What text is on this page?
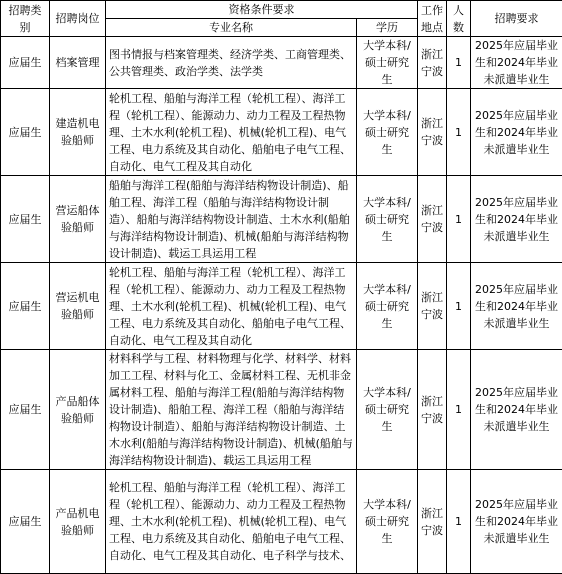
招聘类别	招聘岗位	资格条件要求		工作地点	人数	招聘要求
		专业名称	学历			
应届生	档案管理	图书情报与档案管理类、经济学类、工商管理类、公共管理类、政治学类、法学类	大学本科/硕士研究生	浙江宁波	1	2025年应届毕业生和2024年毕业未派遣毕业生
应届生	建造机电验船师	轮机工程、船舶与海洋工程（轮机工程）、海洋工程（轮机工程）、能源动力、动力工程及工程热物理、土木水利(轮机工程)、机械(轮机工程)、电气工程、电力系统及其自动化、船舶电子电气工程、自动化、电气工程及其自动化	大学本科/硕士研究生	浙江宁波	1	2025年应届毕业生和2024年毕业未派遣毕业生
应届生	营运船体验船师	船舶与海洋工程(船舶与海洋结构物设计制造)、船舶工程、海洋工程（船舶与海洋结构物设计制造）、船舶与海洋结构物设计制造、土木水利(船舶与海洋结构物设计制造)、机械(船舶与海洋结构物设计制造)、载运工具运用工程	大学本科/硕士研究生	浙江宁波	1	2025年应届毕业生和2024年毕业未派遣毕业生
应届生	营运机电验船师	轮机工程、船舶与海洋工程（轮机工程）、海洋工程（轮机工程）、能源动力、动力工程及工程热物理、土木水利(轮机工程)、机械(轮机工程)、电气工程、电力系统及其自动化、船舶电子电气工程、自动化、电气工程及其自动化	大学本科/硕士研究生	浙江宁波	1	2025年应届毕业生和2024年毕业未派遣毕业生
应届生	产品船体验船师	材料科学与工程、材料物理与化学、材料学、材料加工工程、材料与化工、金属材料工程、无机非金属材料工程、船舶与海洋工程(船舶与海洋结构物设计制造)、船舶工程、海洋工程（船舶与海洋结构物设计制造）、船舶与海洋结构物设计制造、土木水利(船舶与海洋结构物设计制造)、机械(船舶与海洋结构物设计制造)、载运工具运用工程	大学本科/硕士研究生	浙江宁波	1	2025年应届毕业生和2024年毕业未派遣毕业生
应届生	产品机电验船师	轮机工程、船舶与海洋工程（轮机工程）、海洋工程（轮机工程）、能源动力、动力工程及工程热物理、土木水利(轮机工程)、机械(轮机工程)、电气工程、电力系统及其自动化、船舶电子电气工程、自动化、电气工程及其自动化、电子科学与技术、	大学本科/硕士研究生	浙江宁波	1	2025年应届毕业生和2024年毕业未派遣毕业生
